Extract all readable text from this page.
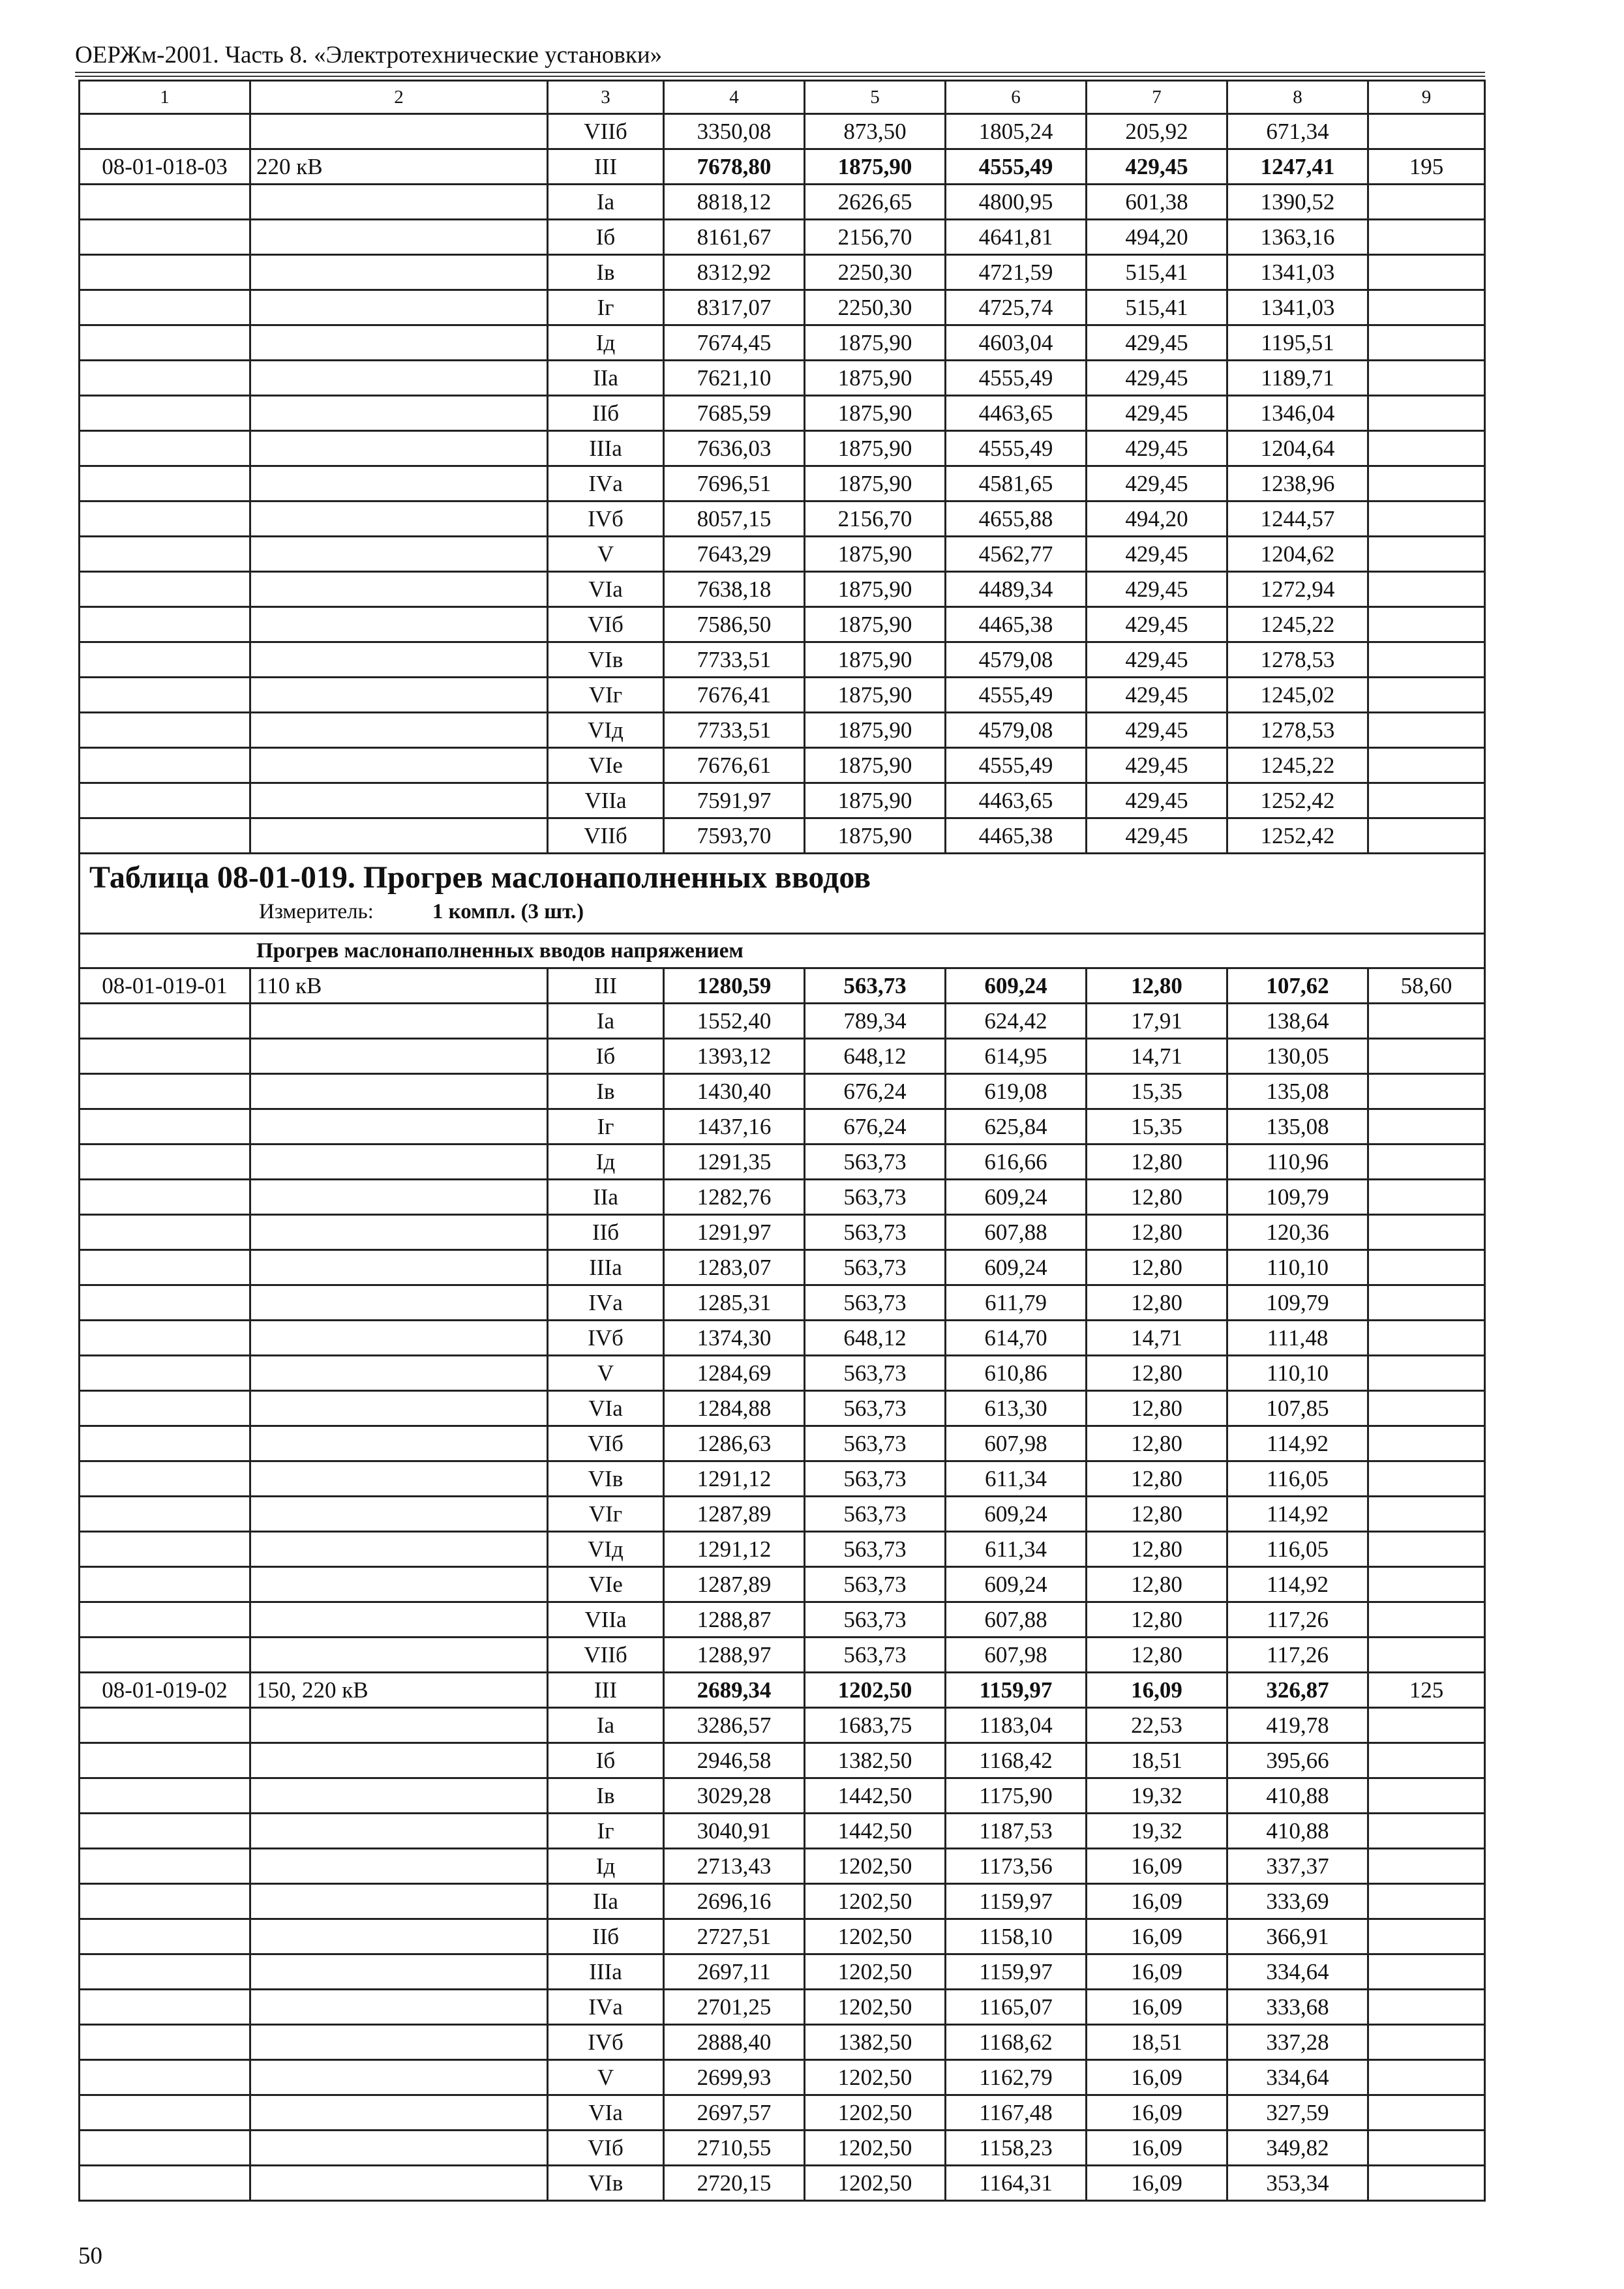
ОЕРЖм-2001. Часть 8. «Электротехнические установки»
1	2	3	4	5	6	7	8	9
		VIIб	3350,08	873,50	1805,24	205,92	671,34	
08-01-018-03	220 кВ	III	7678,80	1875,90	4555,49	429,45	1247,41	195
		Iа	8818,12	2626,65	4800,95	601,38	1390,52	
		Iб	8161,67	2156,70	4641,81	494,20	1363,16	
		Iв	8312,92	2250,30	4721,59	515,41	1341,03	
		Iг	8317,07	2250,30	4725,74	515,41	1341,03	
		Iд	7674,45	1875,90	4603,04	429,45	1195,51	
		IIа	7621,10	1875,90	4555,49	429,45	1189,71	
		IIб	7685,59	1875,90	4463,65	429,45	1346,04	
		IIIа	7636,03	1875,90	4555,49	429,45	1204,64	
		IVа	7696,51	1875,90	4581,65	429,45	1238,96	
		IVб	8057,15	2156,70	4655,88	494,20	1244,57	
		V	7643,29	1875,90	4562,77	429,45	1204,62	
		VIа	7638,18	1875,90	4489,34	429,45	1272,94	
		VIб	7586,50	1875,90	4465,38	429,45	1245,22	
		VIв	7733,51	1875,90	4579,08	429,45	1278,53	
		VIг	7676,41	1875,90	4555,49	429,45	1245,02	
		VIд	7733,51	1875,90	4579,08	429,45	1278,53	
		VIе	7676,61	1875,90	4555,49	429,45	1245,22	
		VIIа	7591,97	1875,90	4463,65	429,45	1252,42	
		VIIб	7593,70	1875,90	4465,38	429,45	1252,42	

Таблица 08-01-019. Прогрев маслонаполненных вводов
Измеритель: 1 компл. (3 шт.)								

Прогрев маслонаполненных вводов напряжением								
08-01-019-01	110 кВ	III	1280,59	563,73	609,24	12,80	107,62	58,60
		Iа	1552,40	789,34	624,42	17,91	138,64	
		Iб	1393,12	648,12	614,95	14,71	130,05	
		Iв	1430,40	676,24	619,08	15,35	135,08	
		Iг	1437,16	676,24	625,84	15,35	135,08	
		Iд	1291,35	563,73	616,66	12,80	110,96	
		IIа	1282,76	563,73	609,24	12,80	109,79	
		IIб	1291,97	563,73	607,88	12,80	120,36	
		IIIа	1283,07	563,73	609,24	12,80	110,10	
		IVа	1285,31	563,73	611,79	12,80	109,79	
		IVб	1374,30	648,12	614,70	14,71	111,48	
		V	1284,69	563,73	610,86	12,80	110,10	
		VIа	1284,88	563,73	613,30	12,80	107,85	
		VIб	1286,63	563,73	607,98	12,80	114,92	
		VIв	1291,12	563,73	611,34	12,80	116,05	
		VIг	1287,89	563,73	609,24	12,80	114,92	
		VIд	1291,12	563,73	611,34	12,80	116,05	
		VIе	1287,89	563,73	609,24	12,80	114,92	
		VIIа	1288,87	563,73	607,88	12,80	117,26	
		VIIб	1288,97	563,73	607,98	12,80	117,26	
08-01-019-02	150, 220 кВ	III	2689,34	1202,50	1159,97	16,09	326,87	125
		Iа	3286,57	1683,75	1183,04	22,53	419,78	
		Iб	2946,58	1382,50	1168,42	18,51	395,66	
		Iв	3029,28	1442,50	1175,90	19,32	410,88	
		Iг	3040,91	1442,50	1187,53	19,32	410,88	
		Iд	2713,43	1202,50	1173,56	16,09	337,37	
		IIа	2696,16	1202,50	1159,97	16,09	333,69	
		IIб	2727,51	1202,50	1158,10	16,09	366,91	
		IIIа	2697,11	1202,50	1159,97	16,09	334,64	
		IVа	2701,25	1202,50	1165,07	16,09	333,68	
		IVб	2888,40	1382,50	1168,62	18,51	337,28	
		V	2699,93	1202,50	1162,79	16,09	334,64	
		VIа	2697,57	1202,50	1167,48	16,09	327,59	
		VIб	2710,55	1202,50	1158,23	16,09	349,82	
		VIв	2720,15	1202,50	1164,31	16,09	353,34	
50
